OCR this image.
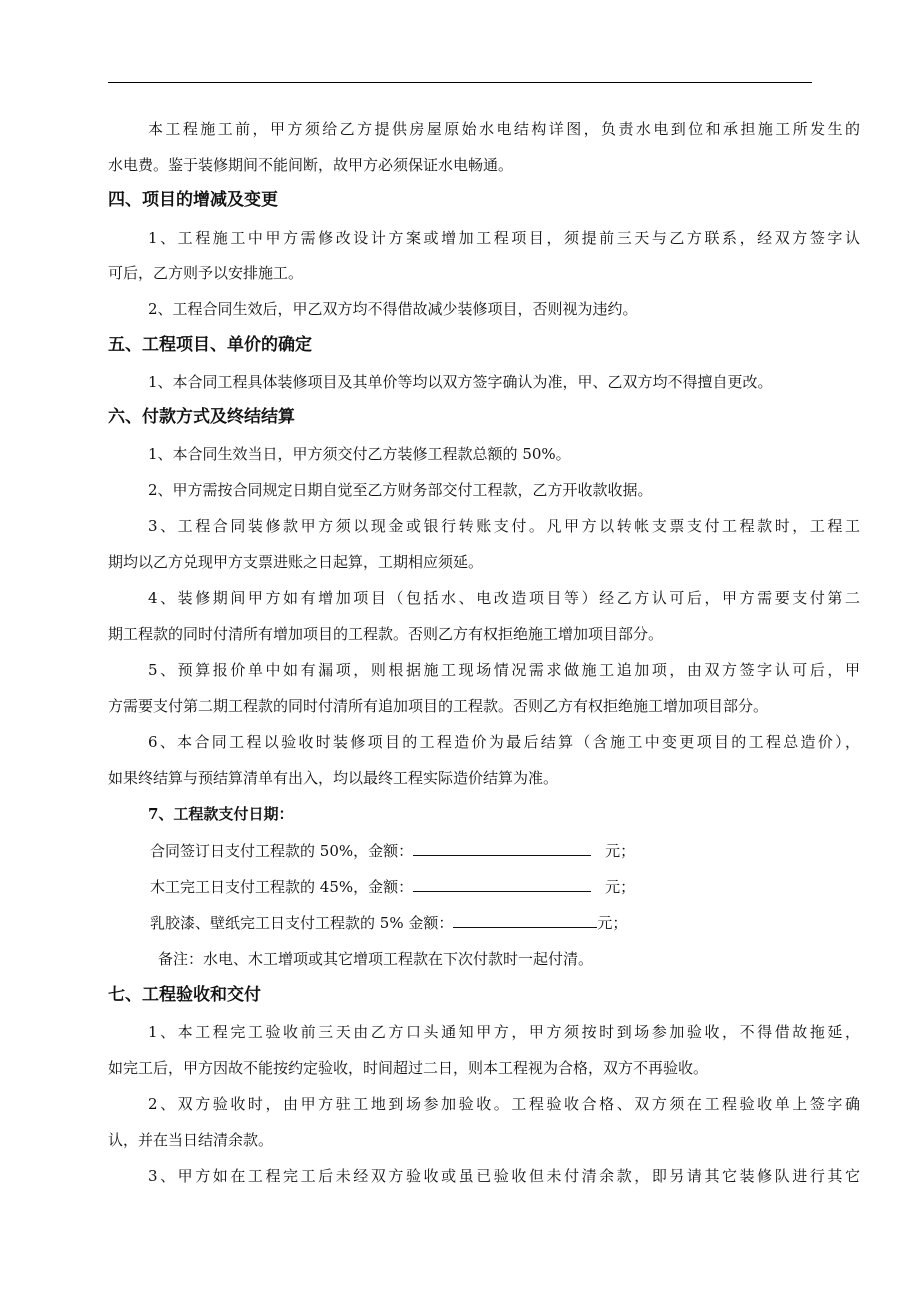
本工程施工前，甲方须给乙方提供房屋原始水电结构详图，负责水电到位和承担施工所发生的
水电费。鉴于装修期间不能间断，故甲方必须保证水电畅通。
四、项目的增减及变更
1、工程施工中甲方需修改设计方案或增加工程项目，须提前三天与乙方联系，经双方签字认
可后，乙方则予以安排施工。
2、工程合同生效后，甲乙双方均不得借故减少装修项目，否则视为违约。
五、工程项目、单价的确定
1、本合同工程具体装修项目及其单价等均以双方签字确认为准，甲、乙双方均不得擅自更改。
六、付款方式及终结结算
1、本合同生效当日，甲方须交付乙方装修工程款总额的 50%。
2、甲方需按合同规定日期自觉至乙方财务部交付工程款，乙方开收款收据。
3、工程合同装修款甲方须以现金或银行转账支付。凡甲方以转帐支票支付工程款时，工程工
期均以乙方兑现甲方支票进账之日起算，工期相应须延。
4、装修期间甲方如有增加项目（包括水、电改造项目等）经乙方认可后，甲方需要支付第二
期工程款的同时付清所有增加项目的工程款。否则乙方有权拒绝施工增加项目部分。
5、预算报价单中如有漏项，则根据施工现场情况需求做施工追加项，由双方签字认可后，甲
方需要支付第二期工程款的同时付清所有追加项目的工程款。否则乙方有权拒绝施工增加项目部分。
6、本合同工程以验收时装修项目的工程造价为最后结算（含施工中变更项目的工程总造价），
如果终结算与预结算清单有出入，均以最终工程实际造价结算为准。
7、工程款支付日期：
合同签订日支付工程款的 50%，金额：	元；
木工完工日支付工程款的 45%，金额：	元；
乳胶漆、壁纸完工日支付工程款的 5% 金额：	元；
备注：水电、木工增项或其它增项工程款在下次付款时一起付清。
七、工程验收和交付
1、本工程完工验收前三天由乙方口头通知甲方，甲方须按时到场参加验收，不得借故拖延，
如完工后，甲方因故不能按约定验收，时间超过二日，则本工程视为合格，双方不再验收。
2、双方验收时，由甲方驻工地到场参加验收。工程验收合格、双方须在工程验收单上签字确
认，并在当日结清余款。
3、甲方如在工程完工后未经双方验收或虽已验收但未付清余款，即另请其它装修队进行其它
